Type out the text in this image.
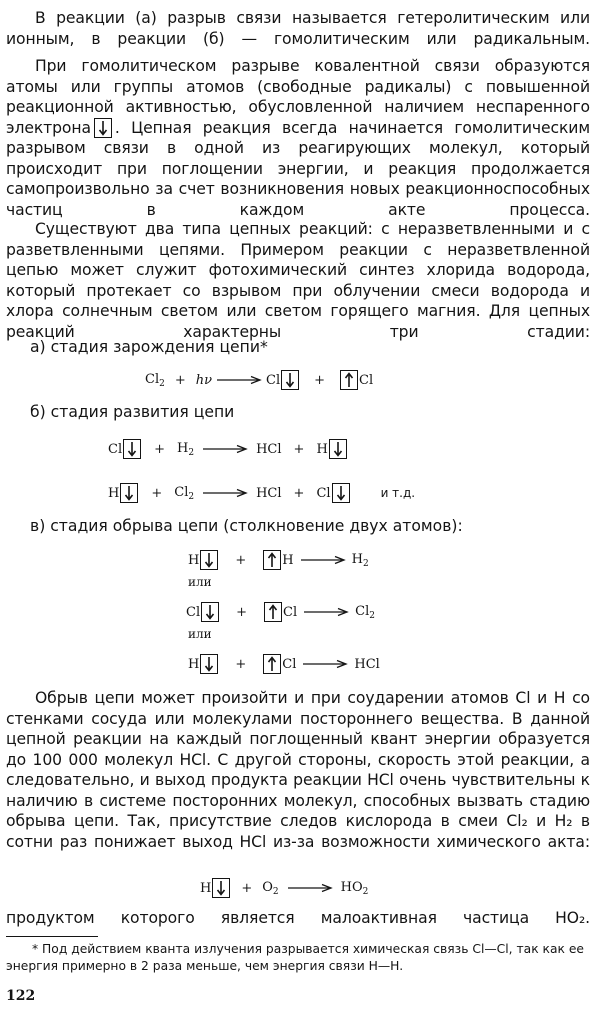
В реакции (а) разрыв связи называется гетеролитическим или ионным, в реакции (б) — гомолитическим или радикальным.
При гомолитическом разрыве ковалентной связи образуются атомы или группы атомов (свободные радикалы) с повышенной реакционной активностью, обусловленной наличием неспаренного электрона . Цепная реакция всегда начинается гомолитическим разрывом связи в одной из реагирующих молекул, который происходит при поглощении энергии, и реакция продолжается самопроизвольно за счет возникновения новых реакционноспособных частиц в каждом акте процесса.
Существуют два типа цепных реакций: с неразветвленными и с разветвленными цепями. Примером реакции с неразветвленной цепью может служит фотохимический синтез хлорида водорода, который протекает со взрывом при облучении смеси водорода и хлора солнечным светом или светом горящего магния. Для цепных реакций характерны три стадии:
а) стадия зарождения цепи*
Cl2 + hν → Cl	+	Cl
б) стадия развития цепи
Cl + H2 → HCl + H
H + Cl2 → HCl + Cl	и т.д.
в) стадия обрыва цепи (столкновение двух атомов):
H	+	H → H2
или
Cl	+	Cl → Cl2
или
H	+	Cl → HCl
Обрыв цепи может произойти и при соударении атомов Cl и H со стенками сосуда или молекулами постороннего вещества. В данной цепной реакции на каждый поглощенный квант энергии образуется до 100 000 молекул HCl. С другой стороны, скорость этой реакции, а следовательно, и выход продукта реакции HCl очень чувствительны к наличию в системе посторонних молекул, способных вызвать стадию обрыва цепи. Так, присутствие следов кислорода в смеи Cl₂ и H₂ в сотни раз понижает выход HCl из-за возможности химического акта:
H + O2 → HO2
продуктом которого является малоактивная частица HO₂.
* Под действием кванта излучения разрывается химическая связь Cl—Cl, так как ее энергия примерно в 2 раза меньше, чем энергия связи H—H.
122
